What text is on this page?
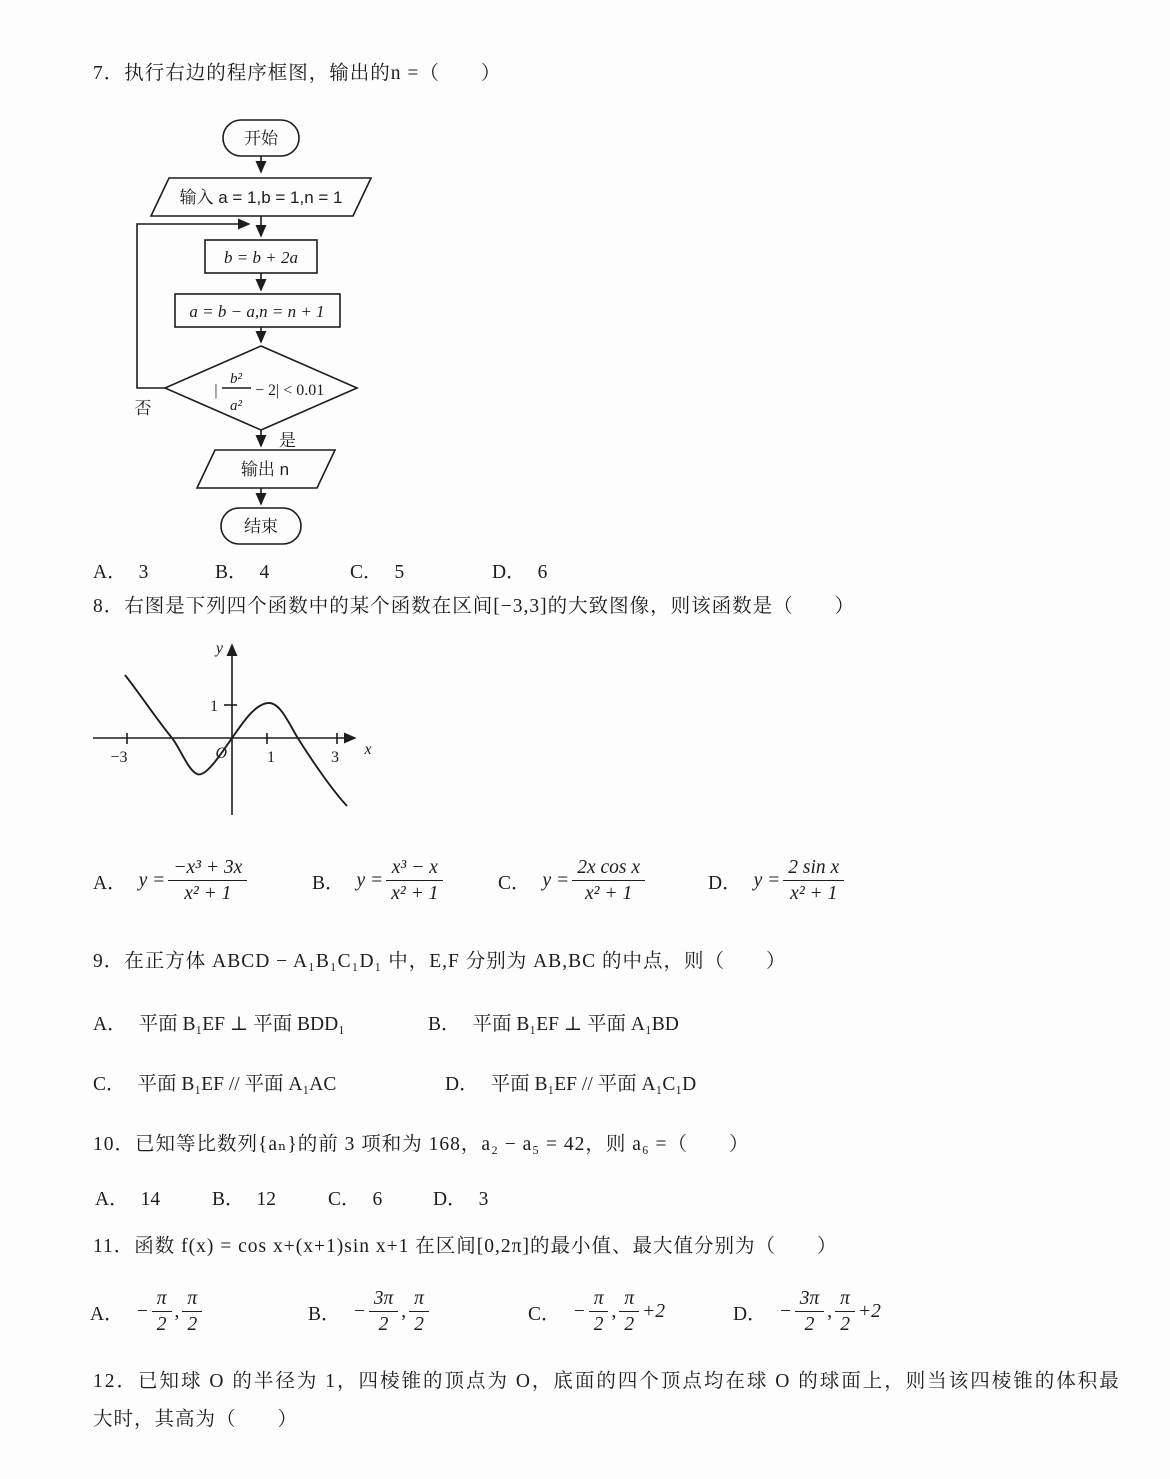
7．执行右边的程序框图，输出的n =（　　）
开始
输入 a = 1,b = 1,n = 1
否
b = b + 2a
a = b − a,n = n + 1
|
b²
a²
− 2| < 0.01
是
输出 n
结束
A． 3	B． 4	C． 5	D． 6
8．右图是下列四个函数中的某个函数在区间[−3,3]的大致图像，则该函数是（　　）
y
x
O
−3	1	3
1
A． $y = \frac{\text{−x³ + 3x}}{\text{x² + 1}}$	B． $y = \frac{\text{x³ − x}}{\text{x² + 1}}$	C． $y = \frac{\text{2x cos x}}{\text{x² + 1}}$	D． $y = \frac{\text{2 sin x}}{\text{x² + 1}}$
9．在正方体 ABCD − A₁B₁C₁D₁ 中，E,F 分别为 AB,BC 的中点，则（　　）
A． 平面 B₁EF ⊥ 平面 BDD₁	B． 平面 B₁EF ⊥ 平面 A₁BD
C． 平面 B₁EF // 平面 A₁AC	D． 平面 B₁EF // 平面 A₁C₁D
10．已知等比数列{aₙ}的前 3 项和为 168，a₂ − a₅ = 42，则 a₆ =（　　）
A． 14	B． 12	C． 6	D． 3
11．函数 f(x) = cos x+(x+1)sin x+1 在区间[0,2π]的最小值、最大值分别为（　　）
A． − $\frac{\pi}{2}$ , $\frac{\pi}{2}$	B． − $\frac{3\pi}{2}$ , $\frac{\pi}{2}$	C． − $\frac{\pi}{2}$ , $\frac{\pi}{2} +2$	D． − $\frac{3\pi}{2}$ , $\frac{\pi}{2} +2$
12．已知球 O 的半径为 1，四棱锥的顶点为 O，底面的四个顶点均在球 O 的球面上，则当该四棱锥的体积最
大时，其高为（　　）
